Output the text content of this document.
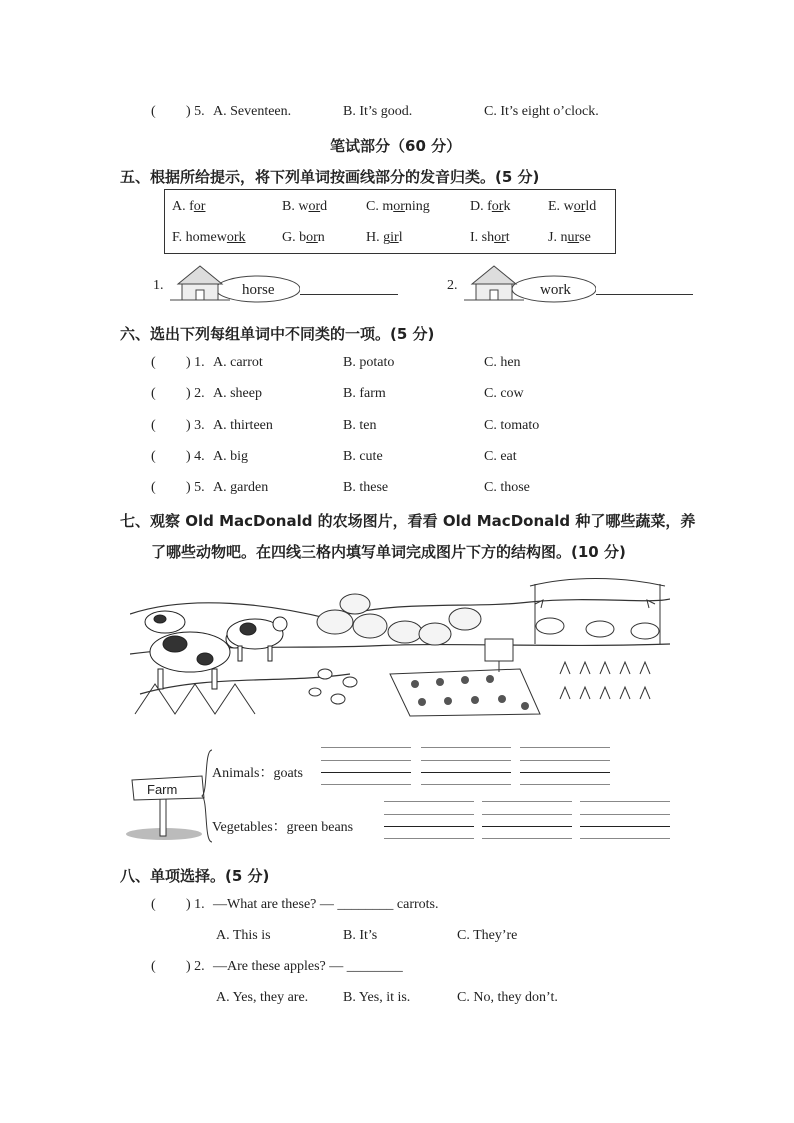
( ) 5. A. Seventeen.	B. It’s good.	C. It’s eight o’clock.
笔试部分（60 分）
五、根据所给提示，将下列单词按画线部分的发音归类。(5 分)
A. for	B. word	C. morning	D. fork	E. world
F. homework	G. born	H. girl	I. short	J. nurse
1.	horse	2.	work
六、选出下列每组单词中不同类的一项。(5 分)
( ) 1. A. carrot	B. potato	C. hen
( ) 2. A. sheep	B. farm	C. cow
( ) 3. A. thirteen	B. ten	C. tomato
( ) 4. A. big	B. cute	C. eat
( ) 5. A. garden	B. these	C. those
七、观察 Old MacDonald 的农场图片，看看 Old MacDonald 种了哪些蔬菜，养
了哪些动物吧。在四线三格内填写单词完成图片下方的结构图。(10 分)
Farm
Animals：goats
Vegetables：green beans
八、单项选择。(5 分)
( ) 1. —What are these? — ________ carrots.
A. This is	B. It’s	C. They’re
( ) 2. —Are these apples? — ________
A. Yes, they are. B. Yes, it is.	C. No, they don’t.
